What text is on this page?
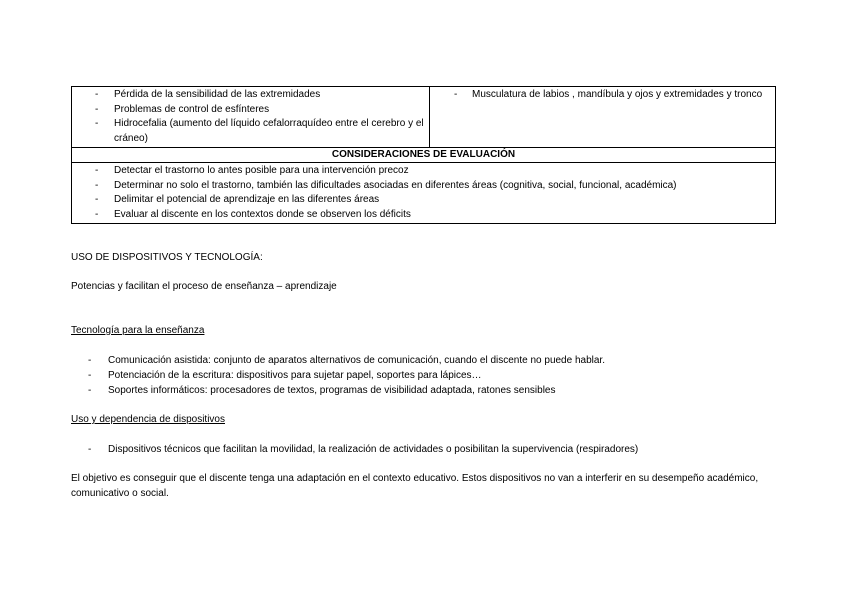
- Pérdida de la sensibilidad de las extremidades
- Problemas de control de esfínteres
- Hidrocefalia (aumento del líquido cefalorraquídeo entre el cerebro y el cráneo)

- Musculatura de labios , mandíbula y ojos y extremidades y tronco

CONSIDERACIONES DE EVALUACIÓN

- Detectar el trastorno lo antes posible para una intervención precoz
- Determinar no solo el trastorno, también las dificultades asociadas en diferentes áreas (cognitiva, social, funcional, académica)
- Delimitar el potencial de aprendizaje en las diferentes áreas
- Evaluar al discente en los contextos donde se observen los déficits
USO DE DISPOSITIVOS Y TECNOLOGÍA:
Potencias y facilitan el proceso de enseñanza – aprendizaje
Tecnología para la enseñanza
- Comunicación asistida: conjunto de aparatos alternativos de comunicación, cuando el discente no puede hablar.
- Potenciación de la escritura: dispositivos para sujetar papel, soportes para lápices…
- Soportes informáticos: procesadores de textos, programas de visibilidad adaptada, ratones sensibles
Uso y dependencia de dispositivos
- Dispositivos técnicos que facilitan la movilidad, la realización de actividades o posibilitan la supervivencia (respiradores)
El objetivo es conseguir que el discente tenga una adaptación en el contexto educativo. Estos dispositivos no van a interferir en su desempeño académico, comunicativo o social.
